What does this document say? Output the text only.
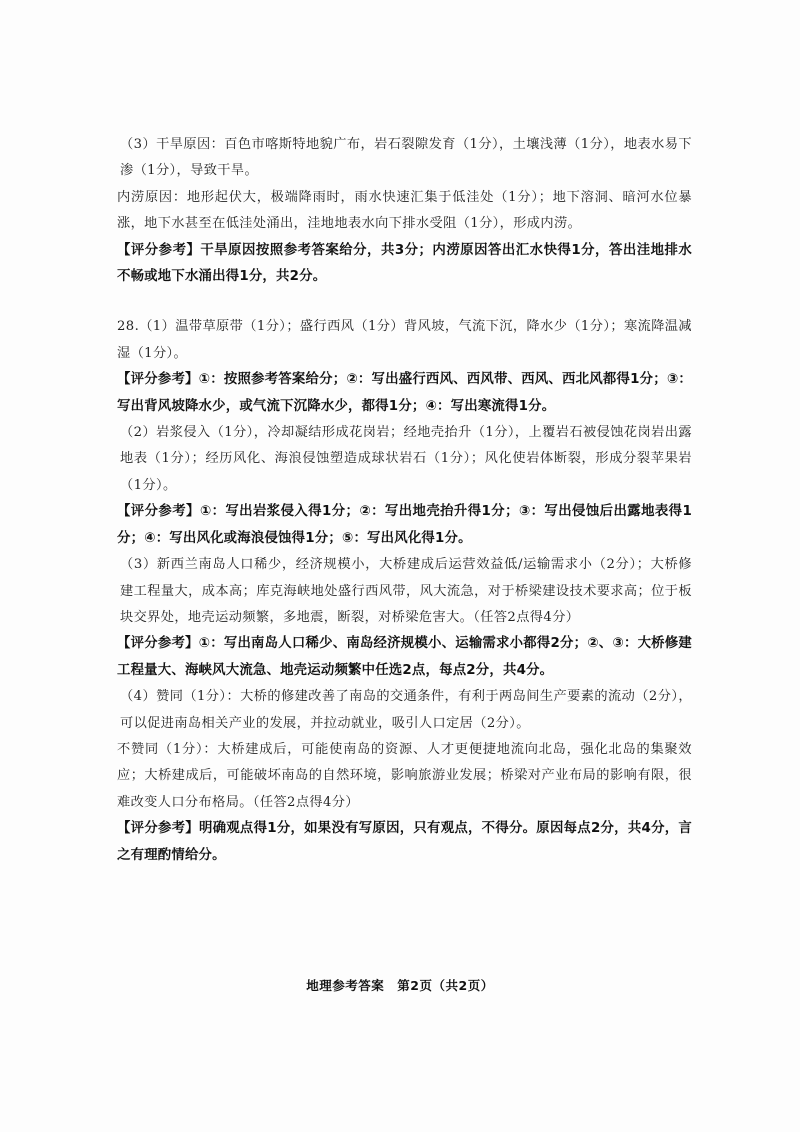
（3）干旱原因：百色市喀斯特地貌广布，岩石裂隙发育（1分），土壤浅薄（1分），地表水易下渗（1分），导致干旱。

内涝原因：地形起伏大，极端降雨时，雨水快速汇集于低洼处（1分）；地下溶洞、暗河水位暴涨，地下水甚至在低洼处涌出，洼地地表水向下排水受阻（1分），形成内涝。

【评分参考】干旱原因按照参考答案给分，共3分；内涝原因答出汇水快得1分，答出洼地排水不畅或地下水涌出得1分，共2分。

28.（1）温带草原带（1分）；盛行西风（1分）背风坡，气流下沉，降水少（1分）；寒流降温减湿（1分）。

【评分参考】①：按照参考答案给分；②：写出盛行西风、西风带、西风、西北风都得1分；③：写出背风坡降水少，或气流下沉降水少，都得1分；④：写出寒流得1分。

（2）岩浆侵入（1分），冷却凝结形成花岗岩；经地壳抬升（1分），上覆岩石被侵蚀花岗岩出露地表（1分）；经历风化、海浪侵蚀塑造成球状岩石（1分）；风化使岩体断裂，形成分裂苹果岩（1分）。

【评分参考】①：写出岩浆侵入得1分；②：写出地壳抬升得1分；③：写出侵蚀后出露地表得1分；④：写出风化或海浪侵蚀得1分；⑤：写出风化得1分。

（3）新西兰南岛人口稀少，经济规模小，大桥建成后运营效益低/运输需求小（2分）；大桥修建工程量大，成本高；库克海峡地处盛行西风带，风大流急，对于桥梁建设技术要求高；位于板块交界处，地壳运动频繁，多地震，断裂，对桥梁危害大。（任答2点得4分）

【评分参考】①：写出南岛人口稀少、南岛经济规模小、运输需求小都得2分；②、③：大桥修建工程量大、海峡风大流急、地壳运动频繁中任选2点，每点2分，共4分。

（4）赞同（1分）：大桥的修建改善了南岛的交通条件，有利于两岛间生产要素的流动（2分），可以促进南岛相关产业的发展，并拉动就业，吸引人口定居（2分）。

不赞同（1分）：大桥建成后，可能使南岛的资源、人才更便捷地流向北岛，强化北岛的集聚效应；大桥建成后，可能破坏南岛的自然环境，影响旅游业发展；桥梁对产业布局的影响有限，很难改变人口分布格局。（任答2点得4分）

【评分参考】明确观点得1分，如果没有写原因，只有观点，不得分。原因每点2分，共4分，言之有理酌情给分。

地理参考答案　第2页（共2页）
